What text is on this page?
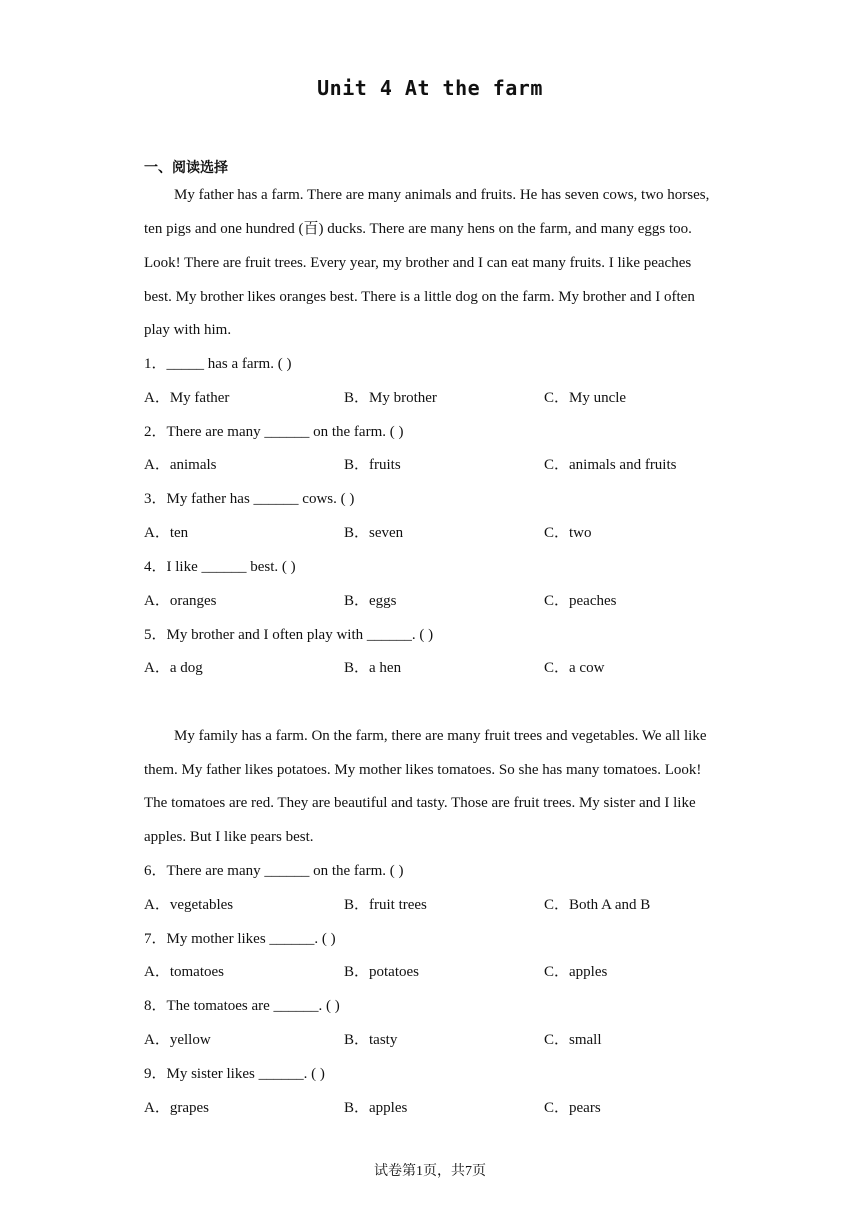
Unit 4 At the farm
一、阅读选择
My father has a farm. There are many animals and fruits. He has seven cows, two horses,
ten pigs and one hundred (百) ducks. There are many hens on the farm, and many eggs too.
Look! There are fruit trees. Every year, my brother and I can eat many fruits. I like peaches
best. My brother likes oranges best. There is a little dog on the farm. My brother and I often
play with him.
1．_____ has a farm. ( )
A．My father	B．My brother	C．My uncle
2．There are many ______ on the farm. ( )
A．animals	B．fruits	C．animals and fruits
3．My father has ______ cows. ( )
A．ten	B．seven	C．two
4．I like ______ best. ( )
A．oranges	B．eggs	C．peaches
5．My brother and I often play with ______. ( )
A．a dog	B．a hen	C．a cow
My family has a farm. On the farm, there are many fruit trees and vegetables. We all like
them. My father likes potatoes. My mother likes tomatoes. So she has many tomatoes. Look!
The tomatoes are red. They are beautiful and tasty. Those are fruit trees. My sister and I like
apples. But I like pears best.
6．There are many ______ on the farm. ( )
A．vegetables	B．fruit trees	C．Both A and B
7．My mother likes ______. ( )
A．tomatoes	B．potatoes	C．apples
8．The tomatoes are ______. ( )
A．yellow	B．tasty	C．small
9．My sister likes ______. ( )
A．grapes	B．apples	C．pears
试卷第1页，共7页
